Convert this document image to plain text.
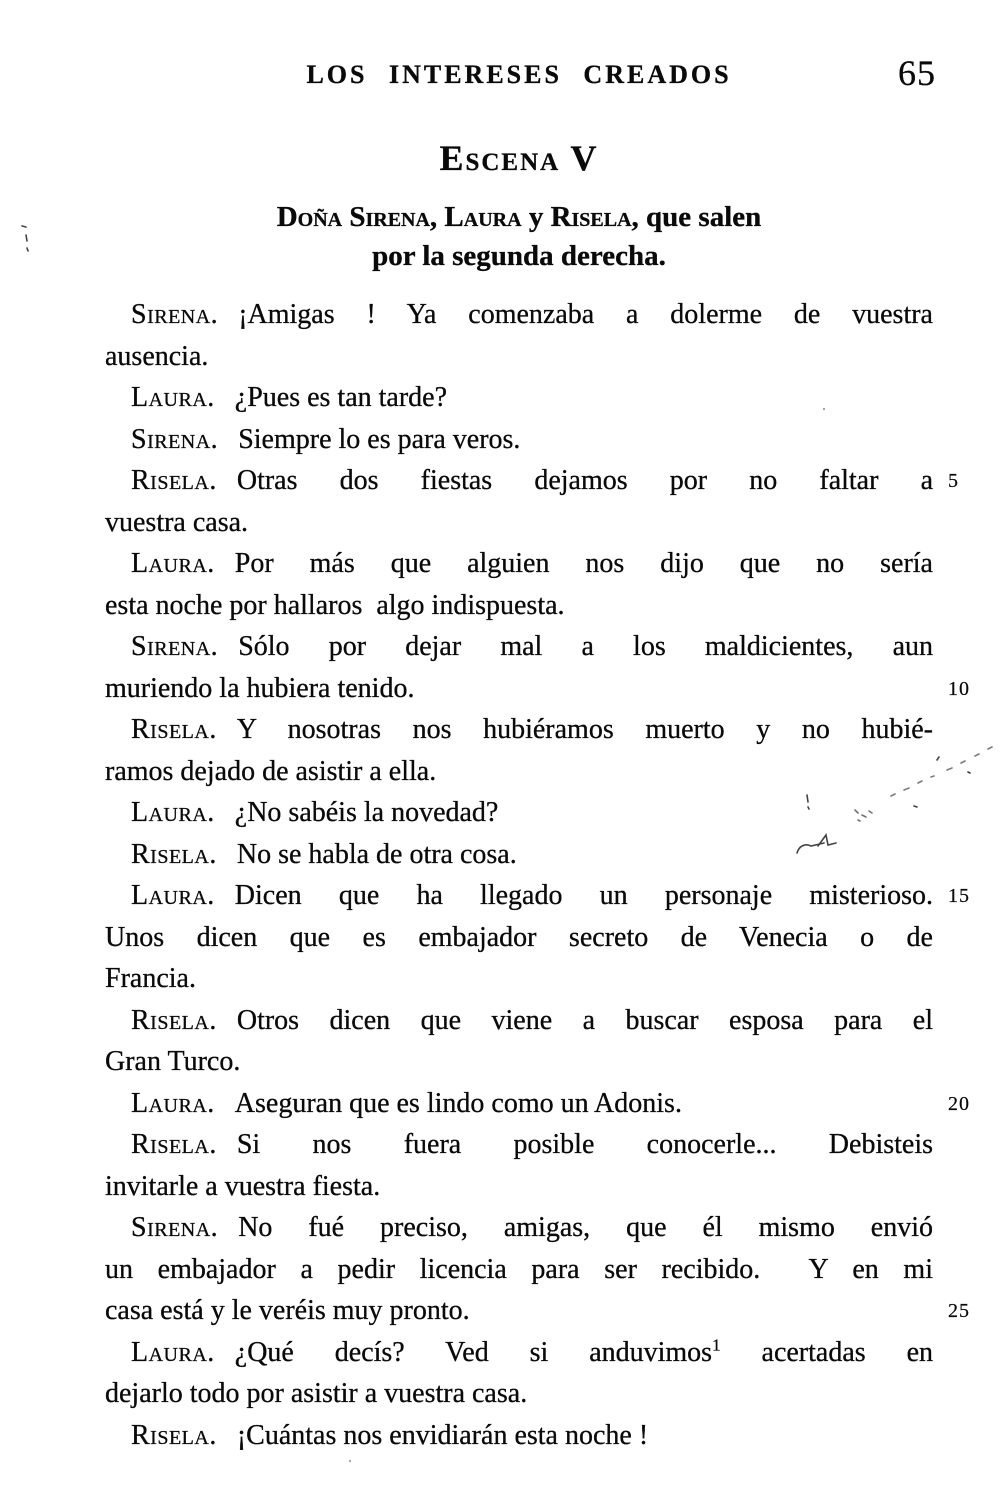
LOS INTERESES CREADOS	65
Escena V
Doña Sirena, Laura y Risela, que salen
por la segunda derecha.
Sirena. ¡Amigas ! Ya comenzaba a dolerme de vuestra
ausencia.
Laura. ¿Pues es tan tarde?
Sirena. Siempre lo es para veros.
Risela. Otras dos fiestas dejamos por no faltar a 5
vuestra casa.
Laura. Por más que alguien nos dijo que no sería
esta noche por hallaros  algo indispuesta.
Sirena. Sólo por dejar mal a los maldicientes, aun
muriendo la hubiera tenido.	10
Risela. Y nosotras nos hubiéramos muerto y no hubié-
ramos dejado de asistir a ella.
Laura. ¿No sabéis la novedad?
Risela. No se habla de otra cosa.
Laura. Dicen que ha llegado un personaje misterioso. 15
Unos dicen que es embajador secreto de Venecia o de
Francia.
Risela. Otros dicen que viene a buscar esposa para el
Gran Turco.
Laura. Aseguran que es lindo como un Adonis.	20
Risela. Si nos fuera posible conocerle... Debisteis
invitarle a vuestra fiesta.
Sirena. No fué preciso, amigas, que él mismo envió
un embajador a pedir licencia para ser recibido.  Y en mi
casa está y le veréis muy pronto.	25
Laura. ¿Qué decís? Ved si anduvimos$^1$ acertadas en
dejarlo todo por asistir a vuestra casa.
Risela. ¡Cuántas nos envidiarán esta noche !
